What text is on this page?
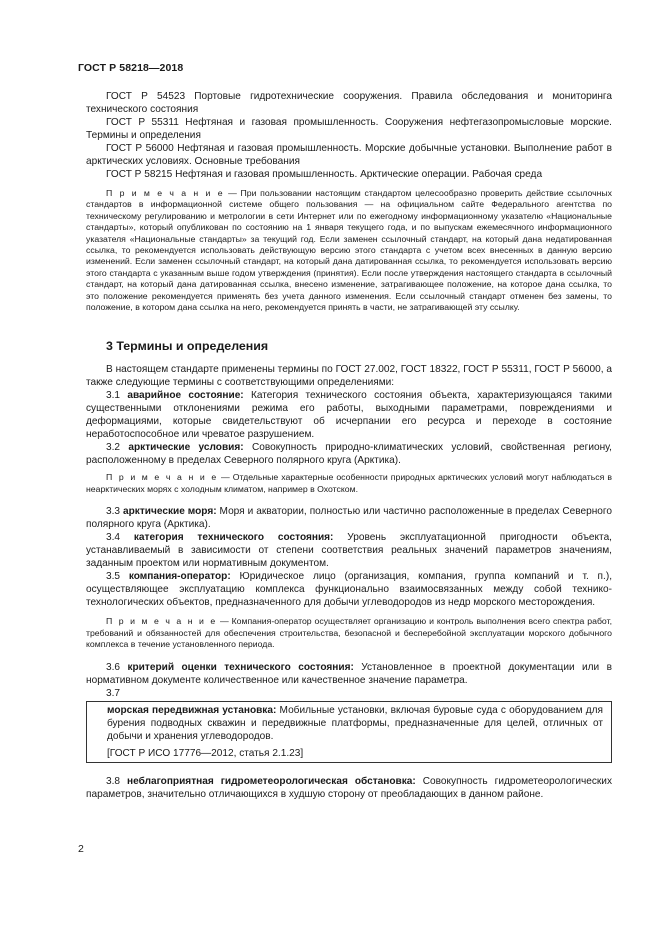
ГОСТ Р 58218—2018

ГОСТ Р 54523 Портовые гидротехнические сооружения. Правила обследования и мониторинга технического состояния

ГОСТ Р 55311 Нефтяная и газовая промышленность. Сооружения нефтегазопромысловые морские. Термины и определения

ГОСТ Р 56000 Нефтяная и газовая промышленность. Морские добычные установки. Выполнение работ в арктических условиях. Основные требования

ГОСТ Р 58215 Нефтяная и газовая промышленность. Арктические операции. Рабочая среда

П р и м е ч а н и е — При пользовании настоящим стандартом целесообразно проверить действие ссылочных стандартов в информационной системе общего пользования — на официальном сайте Федерального агентства по техническому регулированию и метрологии в сети Интернет или по ежегодному информационному указателю «Национальные стандарты», который опубликован по состоянию на 1 января текущего года, и по выпускам ежемесячного информационного указателя «Национальные стандарты» за текущий год. Если заменен ссылочный стандарт, на который дана недатированная ссылка, то рекомендуется использовать действующую версию этого стандарта с учетом всех внесенных в данную версию изменений. Если заменен ссылочный стандарт, на который дана датированная ссылка, то рекомендуется использовать версию этого стандарта с указанным выше годом утверждения (принятия). Если после утверждения настоящего стандарта в ссылочный стандарт, на который дана датированная ссылка, внесено изменение, затрагивающее положение, на которое дана ссылка, то это положение рекомендуется применять без учета данного изменения. Если ссылочный стандарт отменен без замены, то положение, в котором дана ссылка на него, рекомендуется принять в части, не затрагивающей эту ссылку.

3 Термины и определения

В настоящем стандарте применены термины по ГОСТ 27.002, ГОСТ 18322, ГОСТ Р 55311, ГОСТ Р 56000, а также следующие термины с соответствующими определениями:

3.1 аварийное состояние: Категория технического состояния объекта, характеризующаяся такими существенными отклонениями режима его работы, выходными параметрами, повреждениями и деформациями, которые свидетельствуют об исчерпании его ресурса и переходе в состояние неработоспособное или чреватое разрушением.

3.2 арктические условия: Совокупность природно-климатических условий, свойственная региону, расположенному в пределах Северного полярного круга (Арктика).

П р и м е ч а н и е — Отдельные характерные особенности природных арктических условий могут наблюдаться в неарктических морях с холодным климатом, например в Охотском.

3.3 арктические моря: Моря и акватории, полностью или частично расположенные в пределах Северного полярного круга (Арктика).

3.4 категория технического состояния: Уровень эксплуатационной пригодности объекта, устанавливаемый в зависимости от степени соответствия реальных значений параметров значениям, заданным проектом или нормативным документом.

3.5 компания-оператор: Юридическое лицо (организация, компания, группа компаний и т. п.), осуществляющее эксплуатацию комплекса функционально взаимосвязанных между собой технико-технологических объектов, предназначенного для добычи углеводородов из недр морского месторождения.

П р и м е ч а н и е — Компания-оператор осуществляет организацию и контроль выполнения всего спектра работ, требований и обязанностей для обеспечения строительства, безопасной и бесперебойной эксплуатации морского добычного комплекса в течение установленного периода.

3.6 критерий оценки технического состояния: Установленное в проектной документации или в нормативном документе количественное или качественное значение параметра.

3.7

морская передвижная установка: Мобильные установки, включая буровые суда с оборудованием для бурения подводных скважин и передвижные платформы, предназначенные для целей, отличных от добычи и хранения углеводородов.

[ГОСТ Р ИСО 17776—2012, статья 2.1.23]

3.8 неблагоприятная гидрометеорологическая обстановка: Совокупность гидрометеорологических параметров, значительно отличающихся в худшую сторону от преобладающих в данном районе.

2
